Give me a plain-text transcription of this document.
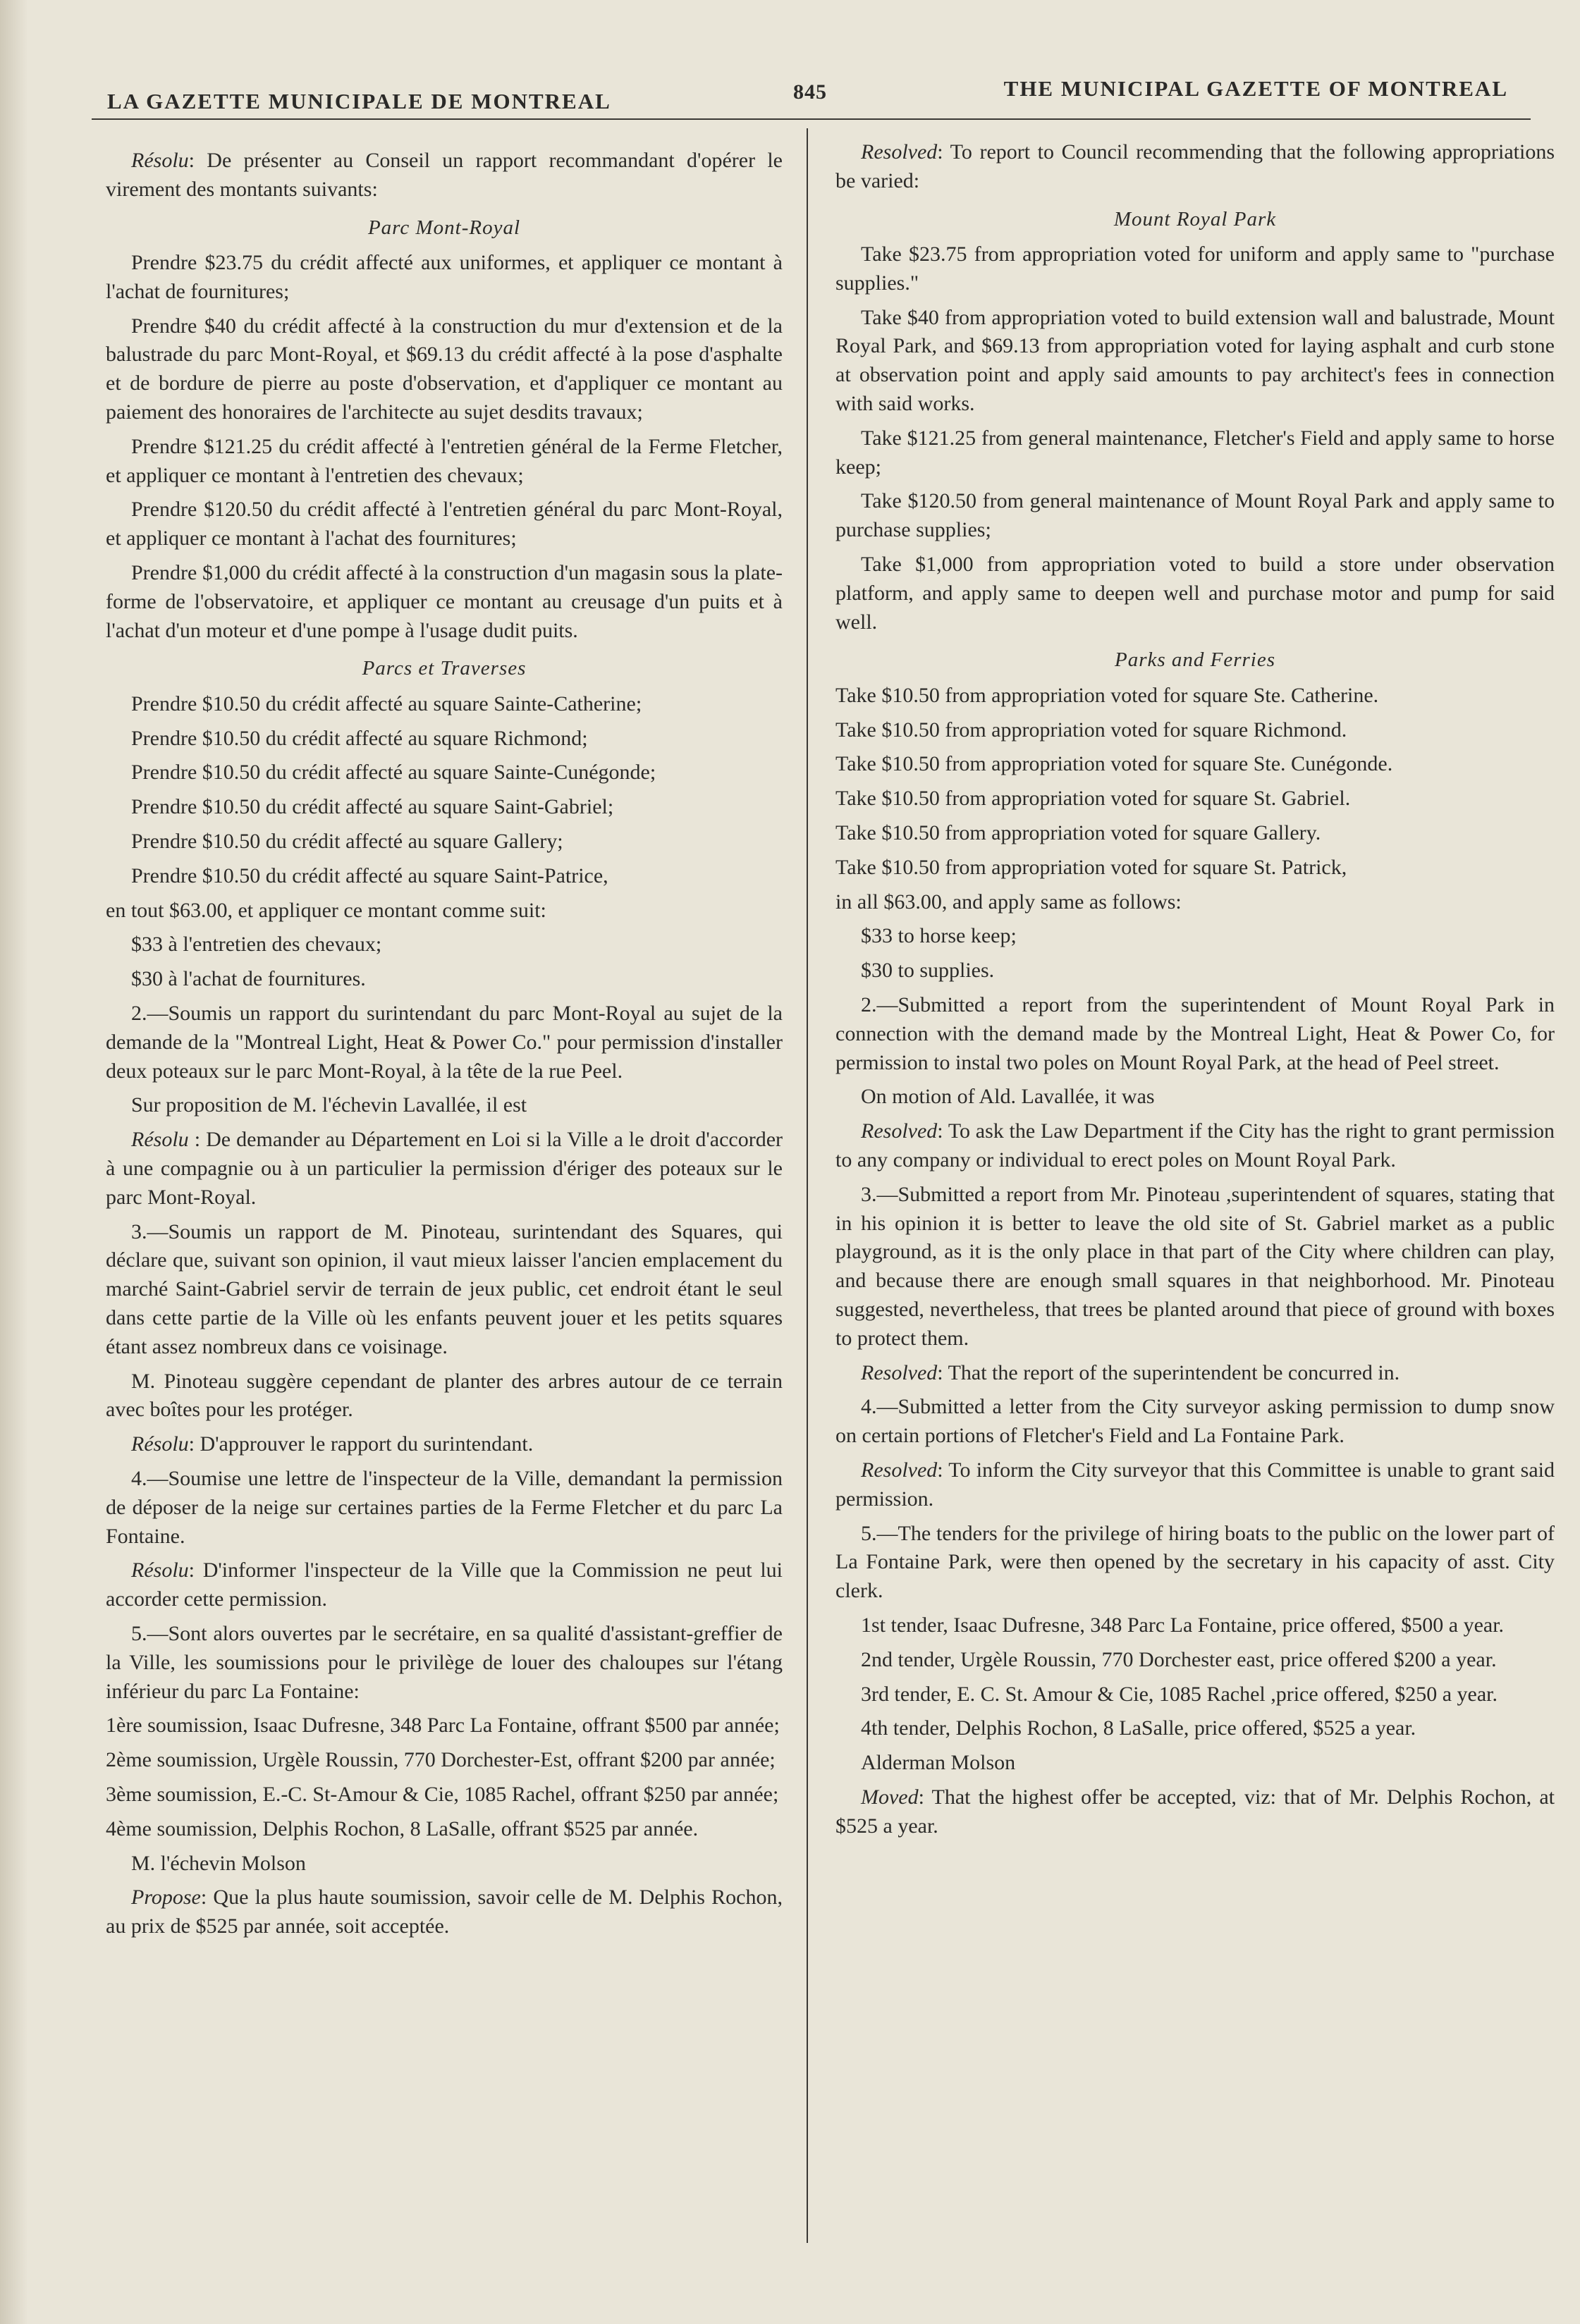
LA GAZETTE MUNICIPALE DE MONTREAL	845	THE MUNICIPAL GAZETTE OF MONTREAL

Résolu: De présenter au Conseil un rapport recommandant d'opérer le virement des montants suivants:

Parc Mont-Royal

Prendre $23.75 du crédit affecté aux uniformes, et appliquer ce montant à l'achat de fournitures;

Prendre $40 du crédit affecté à la construction du mur d'extension et de la balustrade du parc Mont-Royal, et $69.13 du crédit affecté à la pose d'asphalte et de bordure de pierre au poste d'observation, et d'appliquer ce montant au paiement des honoraires de l'architecte au sujet desdits travaux;

Prendre $121.25 du crédit affecté à l'entretien général de la Ferme Fletcher, et appliquer ce montant à l'entretien des chevaux;

Prendre $120.50 du crédit affecté à l'entretien général du parc Mont-Royal, et appliquer ce montant à l'achat des fournitures;

Prendre $1,000 du crédit affecté à la construction d'un magasin sous la plate-forme de l'observatoire, et appliquer ce montant au creusage d'un puits et à l'achat d'un moteur et d'une pompe à l'usage dudit puits.

Parcs et Traverses

Prendre $10.50 du crédit affecté au square Sainte-Catherine;

Prendre $10.50 du crédit affecté au square Richmond;

Prendre $10.50 du crédit affecté au square Sainte-Cunégonde;

Prendre $10.50 du crédit affecté au square Saint-Gabriel;

Prendre $10.50 du crédit affecté au square Gallery;

Prendre $10.50 du crédit affecté au square Saint-Patrice,

en tout $63.00, et appliquer ce montant comme suit:

$33 à l'entretien des chevaux;

$30 à l'achat de fournitures.

2.—Soumis un rapport du surintendant du parc Mont-Royal au sujet de la demande de la "Montreal Light, Heat & Power Co." pour permission d'installer deux poteaux sur le parc Mont-Royal, à la tête de la rue Peel.

Sur proposition de M. l'échevin Lavallée, il est

Résolu : De demander au Département en Loi si la Ville a le droit d'accorder à une compagnie ou à un particulier la permission d'ériger des poteaux sur le parc Mont-Royal.

3.—Soumis un rapport de M. Pinoteau, surintendant des Squares, qui déclare que, suivant son opinion, il vaut mieux laisser l'ancien emplacement du marché Saint-Gabriel servir de terrain de jeux public, cet endroit étant le seul dans cette partie de la Ville où les enfants peuvent jouer et les petits squares étant assez nombreux dans ce voisinage.

M. Pinoteau suggère cependant de planter des arbres autour de ce terrain avec boîtes pour les protéger.

Résolu: D'approuver le rapport du surintendant.

4.—Soumise une lettre de l'inspecteur de la Ville, demandant la permission de déposer de la neige sur certaines parties de la Ferme Fletcher et du parc La Fontaine.

Résolu: D'informer l'inspecteur de la Ville que la Commission ne peut lui accorder cette permission.

5.—Sont alors ouvertes par le secrétaire, en sa qualité d'assistant-greffier de la Ville, les soumissions pour le privilège de louer des chaloupes sur l'étang inférieur du parc La Fontaine:

1ère soumission, Isaac Dufresne, 348 Parc La Fontaine, offrant $500 par année;

2ème soumission, Urgèle Roussin, 770 Dorchester-Est, offrant $200 par année;

3ème soumission, E.-C. St-Amour & Cie, 1085 Rachel, offrant $250 par année;

4ème soumission, Delphis Rochon, 8 LaSalle, offrant $525 par année.

M. l'échevin Molson

Propose: Que la plus haute soumission, savoir celle de M. Delphis Rochon, au prix de $525 par année, soit acceptée.

Resolved: To report to Council recommending that the following appropriations be varied:

Mount Royal Park

Take $23.75 from appropriation voted for uniform and apply same to "purchase supplies."

Take $40 from appropriation voted to build extension wall and balustrade, Mount Royal Park, and $69.13 from appropriation voted for laying asphalt and curb stone at observation point and apply said amounts to pay architect's fees in connection with said works.

Take $121.25 from general maintenance, Fletcher's Field and apply same to horse keep;

Take $120.50 from general maintenance of Mount Royal Park and apply same to purchase supplies;

Take $1,000 from appropriation voted to build a store under observation platform, and apply same to deepen well and purchase motor and pump for said well.

Parks and Ferries

Take $10.50 from appropriation voted for square Ste. Catherine.

Take $10.50 from appropriation voted for square Richmond.

Take $10.50 from appropriation voted for square Ste. Cunégonde.

Take $10.50 from appropriation voted for square St. Gabriel.

Take $10.50 from appropriation voted for square Gallery.

Take $10.50 from appropriation voted for square St. Patrick,

in all $63.00, and apply same as follows:

$33 to horse keep;

$30 to supplies.

2.—Submitted a report from the superintendent of Mount Royal Park in connection with the demand made by the Montreal Light, Heat & Power Co, for permission to instal two poles on Mount Royal Park, at the head of Peel street.

On motion of Ald. Lavallée, it was

Resolved: To ask the Law Department if the City has the right to grant permission to any company or individual to erect poles on Mount Royal Park.

3.—Submitted a report from Mr. Pinoteau ,superintendent of squares, stating that in his opinion it is better to leave the old site of St. Gabriel market as a public playground, as it is the only place in that part of the City where children can play, and because there are enough small squares in that neighborhood. Mr. Pinoteau suggested, nevertheless, that trees be planted around that piece of ground with boxes to protect them.

Resolved: That the report of the superintendent be concurred in.

4.—Submitted a letter from the City surveyor asking permission to dump snow on certain portions of Fletcher's Field and La Fontaine Park.

Resolved: To inform the City surveyor that this Committee is unable to grant said permission.

5.—The tenders for the privilege of hiring boats to the public on the lower part of La Fontaine Park, were then opened by the secretary in his capacity of asst. City clerk.

1st tender, Isaac Dufresne, 348 Parc La Fontaine, price offered, $500 a year.

2nd tender, Urgèle Roussin, 770 Dorchester east, price offered $200 a year.

3rd tender, E. C. St. Amour & Cie, 1085 Rachel ,price offered, $250 a year.

4th tender, Delphis Rochon, 8 LaSalle, price offered, $525 a year.

Alderman Molson

Moved: That the highest offer be accepted, viz: that of Mr. Delphis Rochon, at $525 a year.
